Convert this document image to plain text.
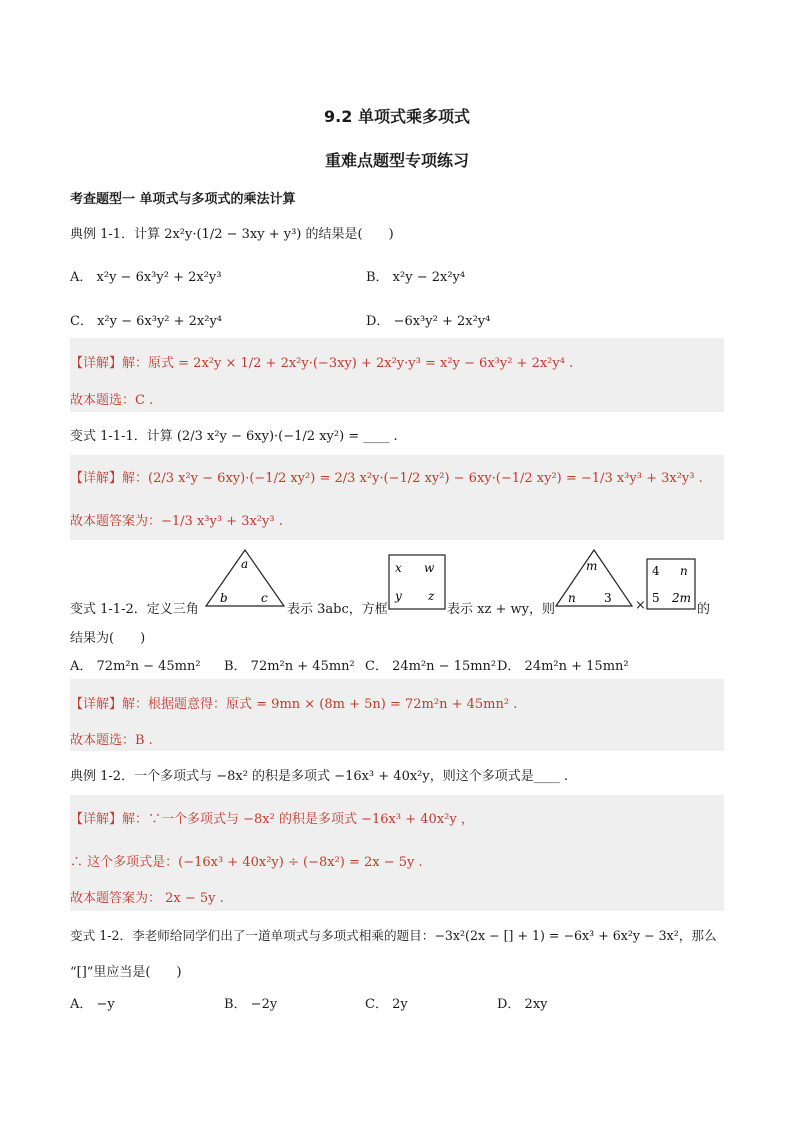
9.2 单项式乘多项式
重难点题型专项练习
考查题型一 单项式与多项式的乘法计算
典例 1-1．计算 2x²y·(1/2 − 3xy + y³) 的结果是(　　)
A． x²y − 6x³y² + 2x²y³	B． x²y − 2x²y⁴
C． x²y − 6x³y² + 2x²y⁴	D． −6x³y² + 2x²y⁴
【详解】解：原式 = 2x²y × 1/2 + 2x²y·(−3xy) + 2x²y·y³ = x²y − 6x³y² + 2x²y⁴ .
故本题选：C .
变式 1-1-1．计算 (2/3 x²y − 6xy)·(−1/2 xy²) = ____ .
【详解】解：(2/3 x²y − 6xy)·(−1/2 xy²) = 2/3 x²y·(−1/2 xy²) − 6xy·(−1/2 xy²) = −1/3 x³y³ + 3x²y³ .
故本题答案为：−1/3 x³y³ + 3x²y³ .
变式 1-1-2．定义三角
a
b	c
表示 3abc，方框
x w
y z
表示 xz + wy，则
m
n 3 ×
4 n
5 2m
的
结果为(　　)
A． 72m²n − 45mn² B． 72m²n + 45mn² C． 24m²n − 15mn² D． 24m²n + 15mn²
【详解】解：根据题意得：原式 = 9mn × (8m + 5n) = 72m²n + 45mn² .
故本题选：B .
典例 1-2．一个多项式与 −8x² 的积是多项式 −16x³ + 40x²y，则这个多项式是____ .
【详解】解：∵一个多项式与 −8x² 的积是多项式 −16x³ + 40x²y ，
∴ 这个多项式是：(−16x³ + 40x²y) ÷ (−8x²) = 2x − 5y .
故本题答案为： 2x − 5y .
变式 1-2．李老师给同学们出了一道单项式与多项式相乘的题目：−3x²(2x − [] + 1) = −6x³ + 6x²y − 3x²，那么
“[]”里应当是(　　)
A． −y	B． −2y	C． 2y	D． 2xy
